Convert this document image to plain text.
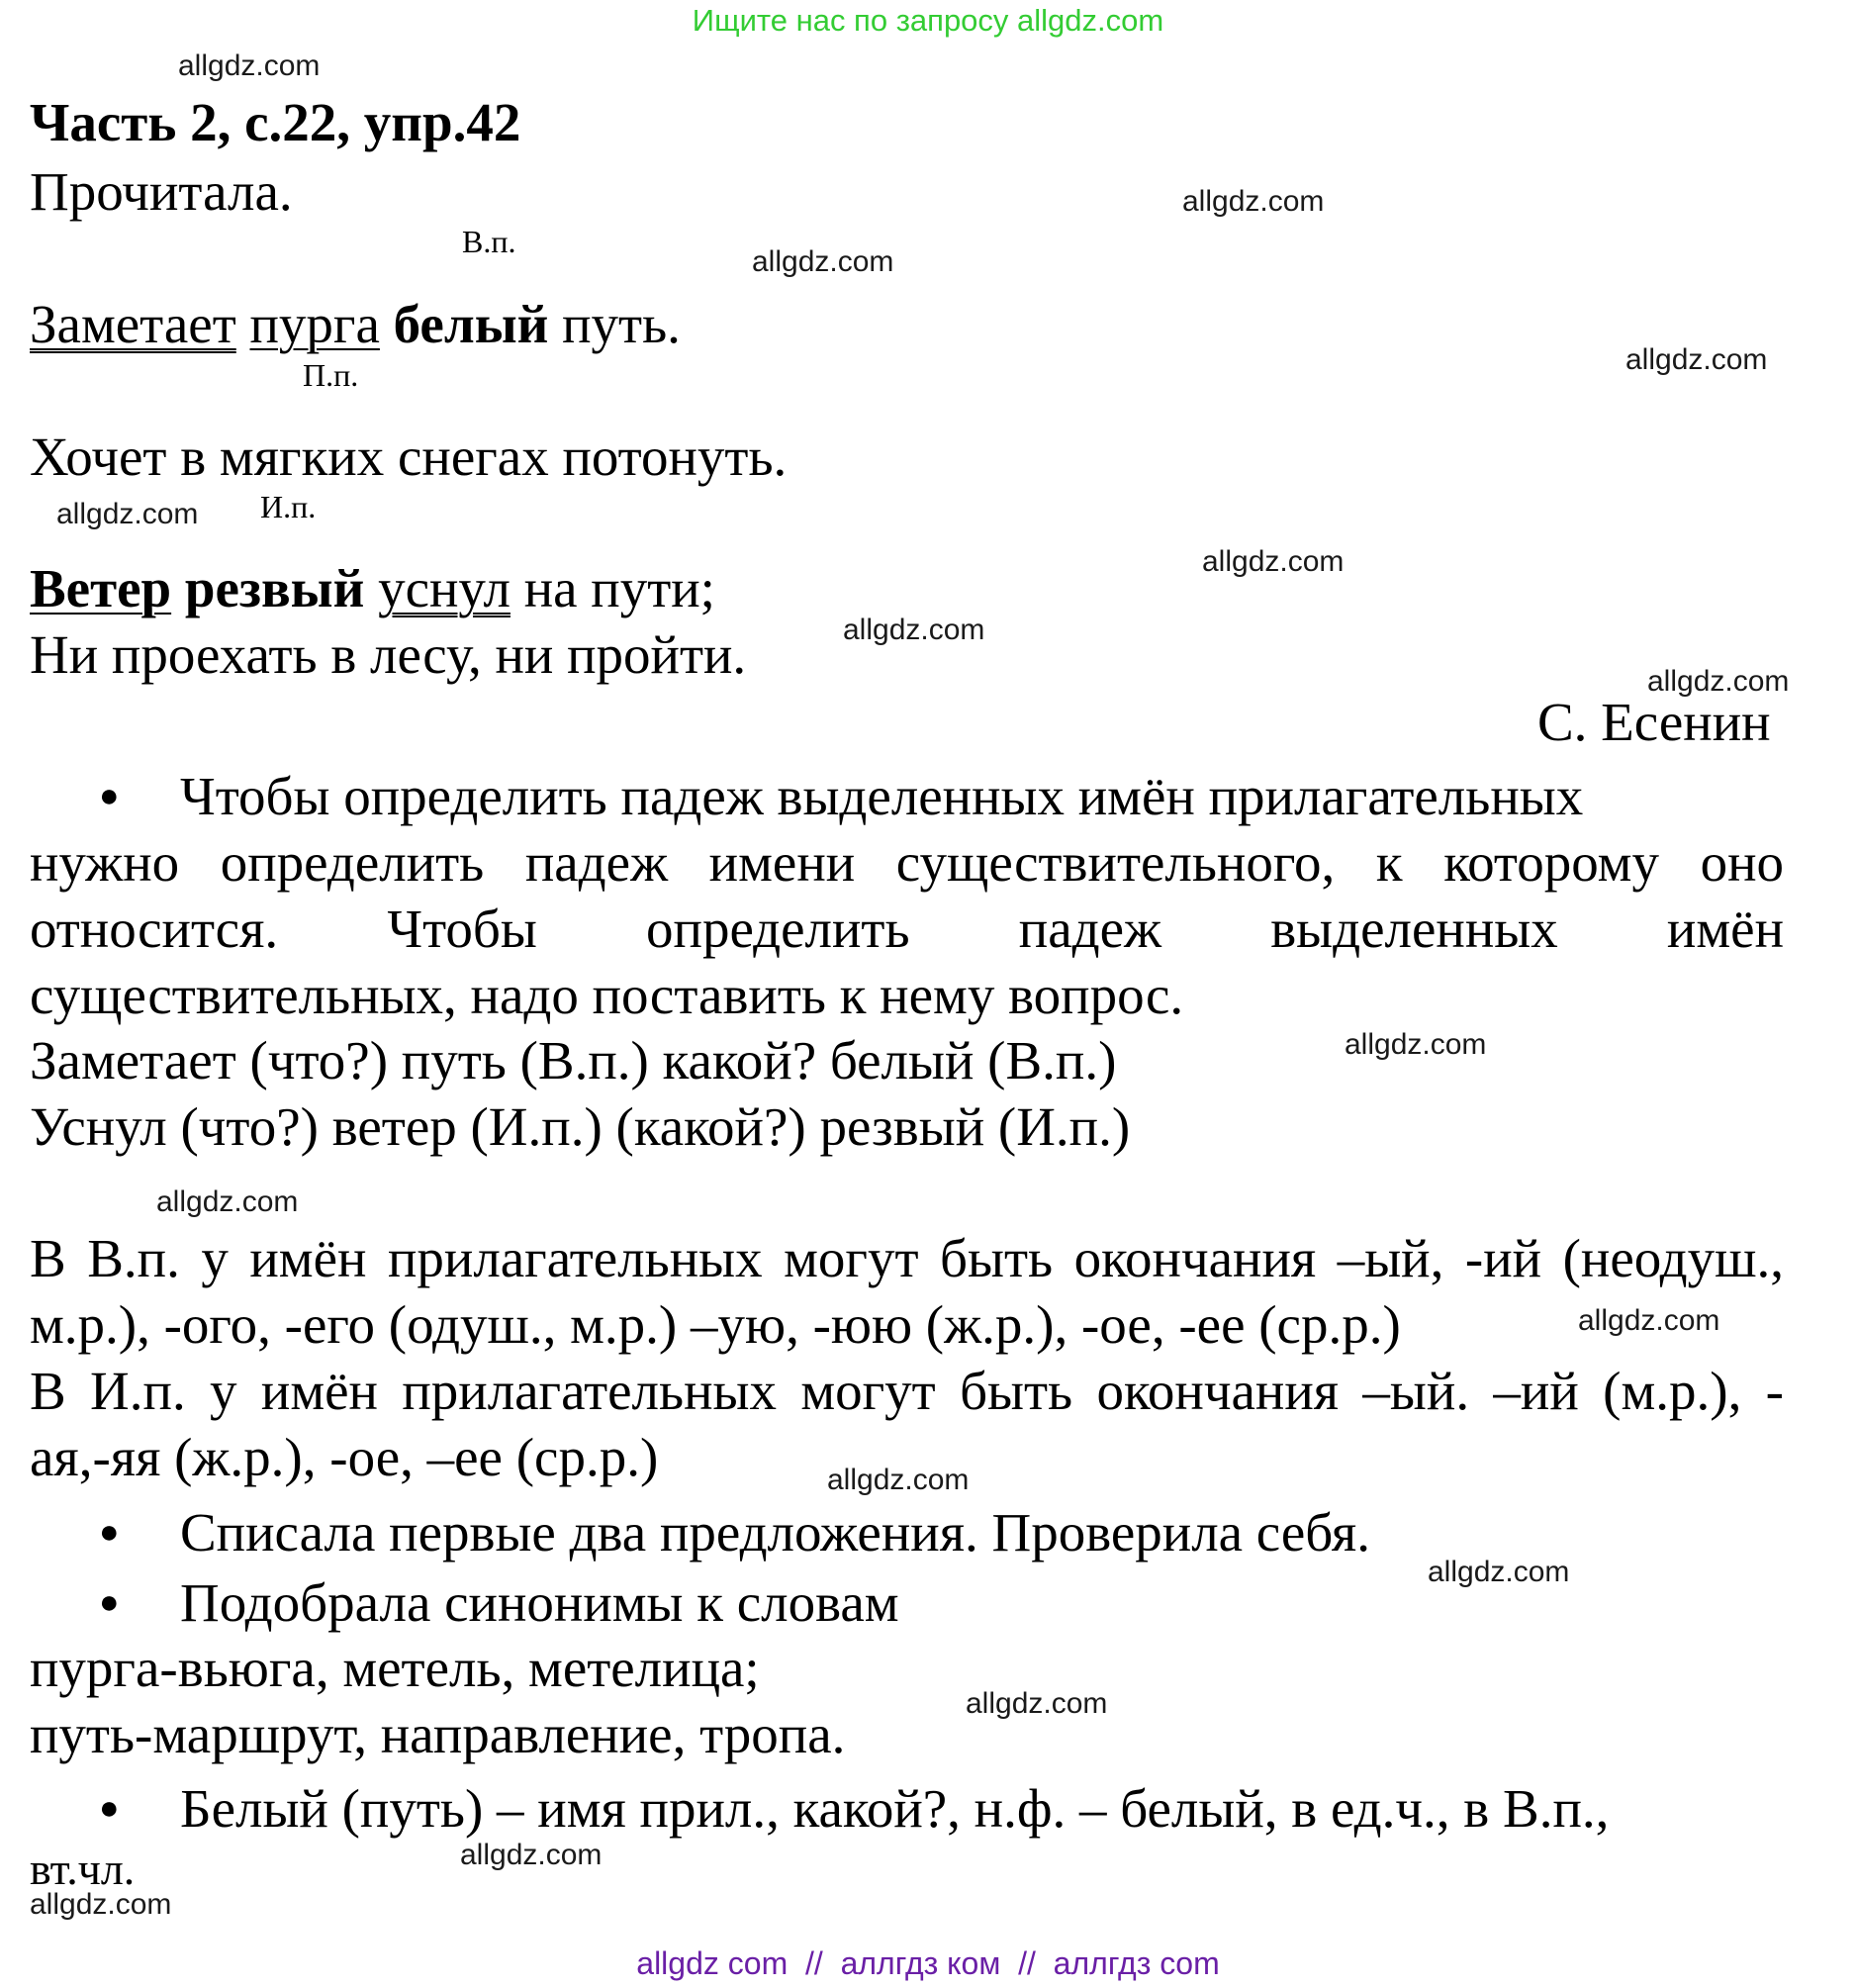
Ищите нас по запросу allgdz.com
allgdz.com
allgdz.com
allgdz.com
allgdz.com
allgdz.com
allgdz.com
allgdz.com
allgdz.com
allgdz.com
allgdz.com
allgdz.com
allgdz.com
allgdz.com
allgdz.com
allgdz.com
allgdz.com
Часть 2, с.22, упр.42
Прочитала.
В.п.
Заметает пурга белый путь.
П.п.
Хочет в мягких снегах потонуть.
И.п.
Ветер резвый уснул на пути;
Ни проехать в лесу, ни пройти.
С. Есенин
● Чтобы определить падеж выделенных имён прилагательных
нужно определить падеж имени существительного, к которому оно
относится. Чтобы определить падеж выделенных имён
существительных, надо поставить к нему вопрос.
Заметает (что?) путь (В.п.) какой? белый (В.п.)
Уснул (что?) ветер (И.п.) (какой?) резвый (И.п.)
В В.п. у имён прилагательных могут быть окончания –ый, -ий (неодуш.,
м.р.), -ого, -его (одуш., м.р.) –ую, -юю (ж.р.), -ое, -ее (ср.р.)
В И.п. у имён прилагательных могут быть окончания –ый. –ий (м.р.), -
ая,-яя (ж.р.), -ое, –ее (ср.р.)
● Списала первые два предложения. Проверила себя.
● Подобрала синонимы к словам
пурга-вьюга, метель, метелица;
путь-маршрут, направление, тропа.
● Белый (путь) – имя прил., какой?, н.ф. – белый, в ед.ч., в В.п.,
вт.чл.
allgdz com  //  аллгдз ком  //  аллгдз com
